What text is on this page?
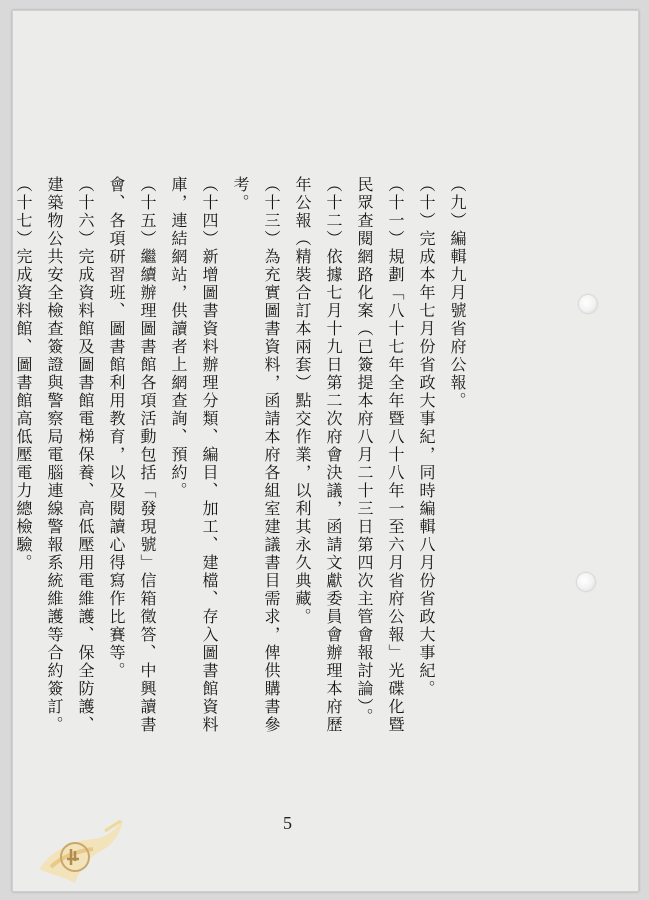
（九）編輯九月號省府公報。
（十）完成本年七月份省政大事紀，同時編輯八月份省政大事紀。
（十一）規劃「八十七年全年暨八十八年一至六月省府公報」光碟化暨
民眾查閱網路化案（已簽提本府八月二十三日第四次主管會報討論）。
（十二）依據七月十九日第二次府會決議，函請文獻委員會辦理本府歷
年公報（精裝合訂本兩套）點交作業，以利其永久典藏。
（十三）為充實圖書資料，函請本府各組室建議書目需求，俾供購書參
考。
（十四）新增圖書資料辦理分類、編目、加工、建檔、存入圖書館資料
庫，連結網站，供讀者上網查詢、預約。
（十五）繼續辦理圖書館各項活動包括「發現號」信箱徵答、中興讀書
會、各項研習班、圖書館利用教育，以及閱讀心得寫作比賽等。
（十六）完成資料館及圖書館電梯保養、高低壓用電維護、保全防護、
建築物公共安全檢查簽證與警察局電腦連線警報系統維護等合約簽訂。
（十七）完成資料館、圖書館高低壓電力總檢驗。
5
